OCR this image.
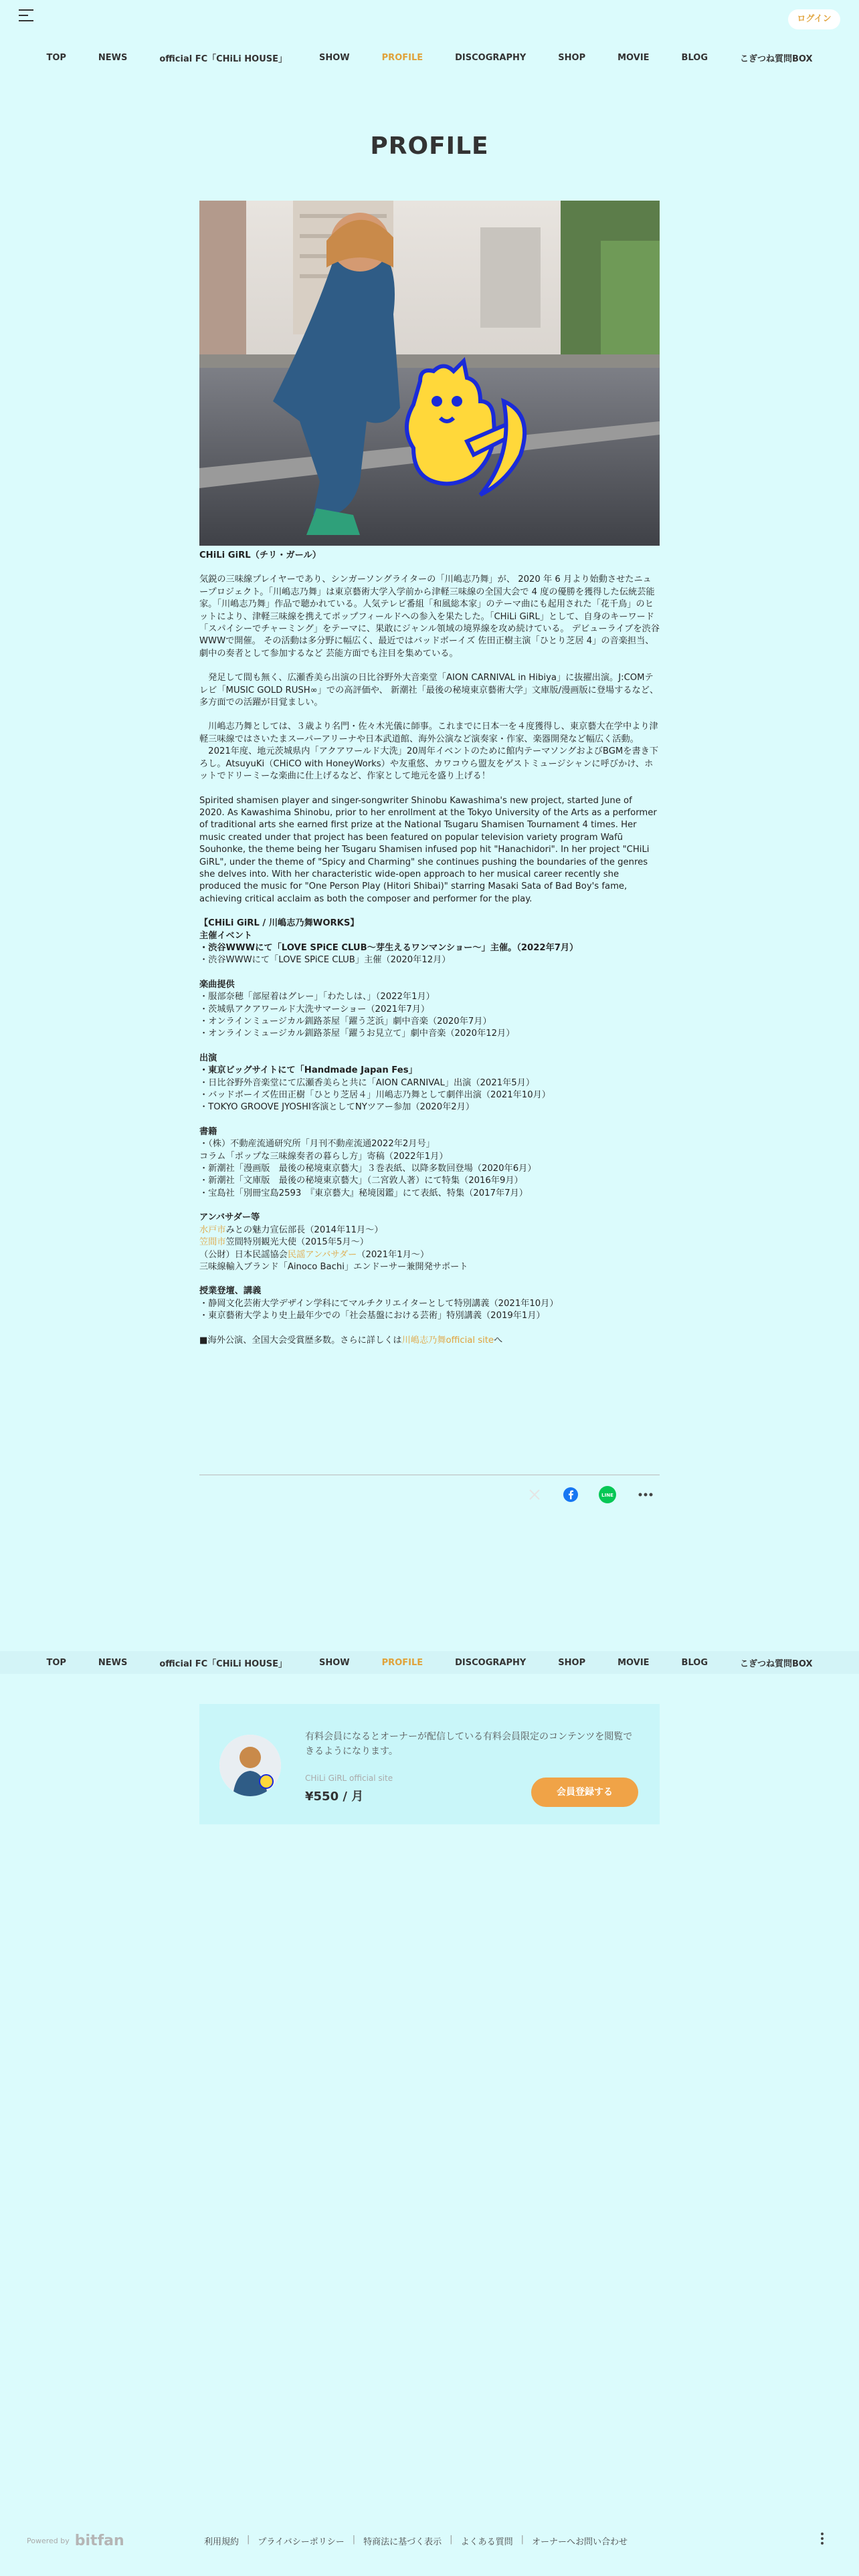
ログイン
TOP	NEWS	official FC「CHiLi HOUSE」	SHOW	PROFILE	DISCOGRAPHY	SHOP	MOVIE	BLOG	こぎつね質問BOX
PROFILE

CHiLi GiRL（チリ・ガール）

気鋭の三味線プレイヤーであり、シンガーソングライターの「川嶋志乃舞」が、 2020 年 6 月より始動させたニュープロジェクト。「川嶋志乃舞」は東京藝術大学入学前から津軽三味線の全国大会で 4 度の優勝を獲得した伝統芸能家。「川嶋志乃舞」作品で聴かれている。人気テレビ番組「和風総本家」のテーマ曲にも起用された「花千鳥」のヒットにより、津軽三味線を携えてポップフィールドへの参入を果たした。「CHiLi GiRL」として、自身のキーワード「スパイシーでチャーミング」をテーマに、果敢にジャンル領域の境界線を攻め続けている。 デビューライブを渋谷WWWで開催。 その活動は多分野に幅広く、最近ではバッドボーイズ 佐田正樹主演「ひとり芝居 4」の音楽担当、劇中の奏者として参加するなど 芸能方面でも注目を集めている。

　発足して間も無く、広瀬香美ら出演の日比谷野外大音楽堂「AION CARNIVAL in Hibiya」に抜擢出演。J:COMテレビ「MUSIC GOLD RUSH∞」での高評価や、 新潮社「最後の秘境東京藝術大学」文庫版/漫画版に登場するなど、多方面での活躍が目覚ましい。

　川嶋志乃舞としては、３歳より名門・佐々木光儀に師事。これまでに日本一を４度獲得し、東京藝大在学中より津軽三味線ではさいたまスーパーアリーナや日本武道館、海外公演など演奏家・作家、楽器開発など幅広く活動。

　2021年度、地元茨城県内「アクアワールド大洗」20周年イベントのために館内テーマソングおよびBGMを書き下ろし。AtsuyuKi（CHiCO with HoneyWorks）や友重悠、カワコウら盟友をゲストミュージシャンに呼びかけ、ホットでドリーミーな楽曲に仕上げるなど、作家として地元を盛り上げる！

Spirited shamisen player and singer-songwriter Shinobu Kawashima's new project, started June of 2020. As Kawashima Shinobu, prior to her enrollment at the Tokyo University of the Arts as a performer of traditional arts she earned first prize at the National Tsugaru Shamisen Tournament 4 times. Her music created under that project has been featured on popular television variety program Wafū Souhonke, the theme being her Tsugaru Shamisen infused pop hit "Hanachidori". In her project "CHiLi GiRL", under the theme of "Spicy and Charming" she continues pushing the boundaries of the genres she delves into. With her characteristic wide-open approach to her musical career recently she produced the music for "One Person Play (Hitori Shibai)" starring Masaki Sata of Bad Boy's fame, achieving critical acclaim as both the composer and performer for the play.

【CHiLi GiRL / 川嶋志乃舞WORKS】

主催イベント

・渋谷WWWにて「LOVE SPiCE CLUB～芽生えるワンマンショー～」主催。（2022年7月）

・渋谷WWWにて「LOVE SPiCE CLUB」主催（2020年12月）

楽曲提供

・服部奈穂「部屋着はグレー」「わたしは、」（2022年1月）

・茨城県アクアワールド大洗サマーショー（2021年7月）

・オンラインミュージカル釧路茶屋「躍う芝浜」劇中音楽（2020年7月）

・オンラインミュージカル釧路茶屋「躍うお見立て」劇中音楽（2020年12月）

出演

・東京ビッグサイトにて「Handmade Japan Fes」

・日比谷野外音楽堂にて広瀬香美らと共に「AION CARNIVAL」出演（2021年5月）

・バッドボーイズ佐田正樹「ひとり芝居４」川嶋志乃舞として劇伴出演（2021年10月）

・TOKYO GROOVE JYOSHI客演としてNYツアー参加（2020年2月）

書籍

・（株）不動産流通研究所「月刊不動産流通2022年2月号」

コラム「ポップな三味線奏者の暮らし方」寄稿（2022年1月）

・新潮社「漫画版　最後の秘境東京藝大」３巻表紙、以降多数回登場（2020年6月）

・新潮社「文庫版　最後の秘境東京藝大」（二宮敦人著）にて特集（2016年9月）

・宝島社「別冊宝島2593　『東京藝大』秘境図鑑」にて表紙、特集（2017年7月）

アンバサダー等

水戸市みとの魅力宣伝部長（2014年11月～）

笠間市笠間特別観光大使（2015年5月～）

（公財）日本民謡協会民謡アンバサダー（2021年1月～）

三味線輸入ブランド「Ainoco Bachi」エンドーサー兼開発サポート

授業登壇、講義

・静岡文化芸術大学デザイン学科にてマルチクリエイターとして特別講義（2021年10月）

・東京藝術大学より史上最年少での「社会基盤における芸術」特別講義（2019年1月）

■海外公演、全国大会受賞歴多数。さらに詳しくは川嶋志乃舞official siteへ

LINE
TOP	NEWS	official FC「CHiLi HOUSE」	SHOW	PROFILE	DISCOGRAPHY	SHOP	MOVIE	BLOG	こぎつね質問BOX
有料会員になるとオーナーが配信している有料会員限定のコンテンツを閲覧できるようになります。
CHiLi GiRL official site
¥550 / 月	会員登録する
Powered by bitfan	利用規約 | プライバシーポリシー | 特商法に基づく表示 | よくある質問 | オーナーへお問い合わせ
